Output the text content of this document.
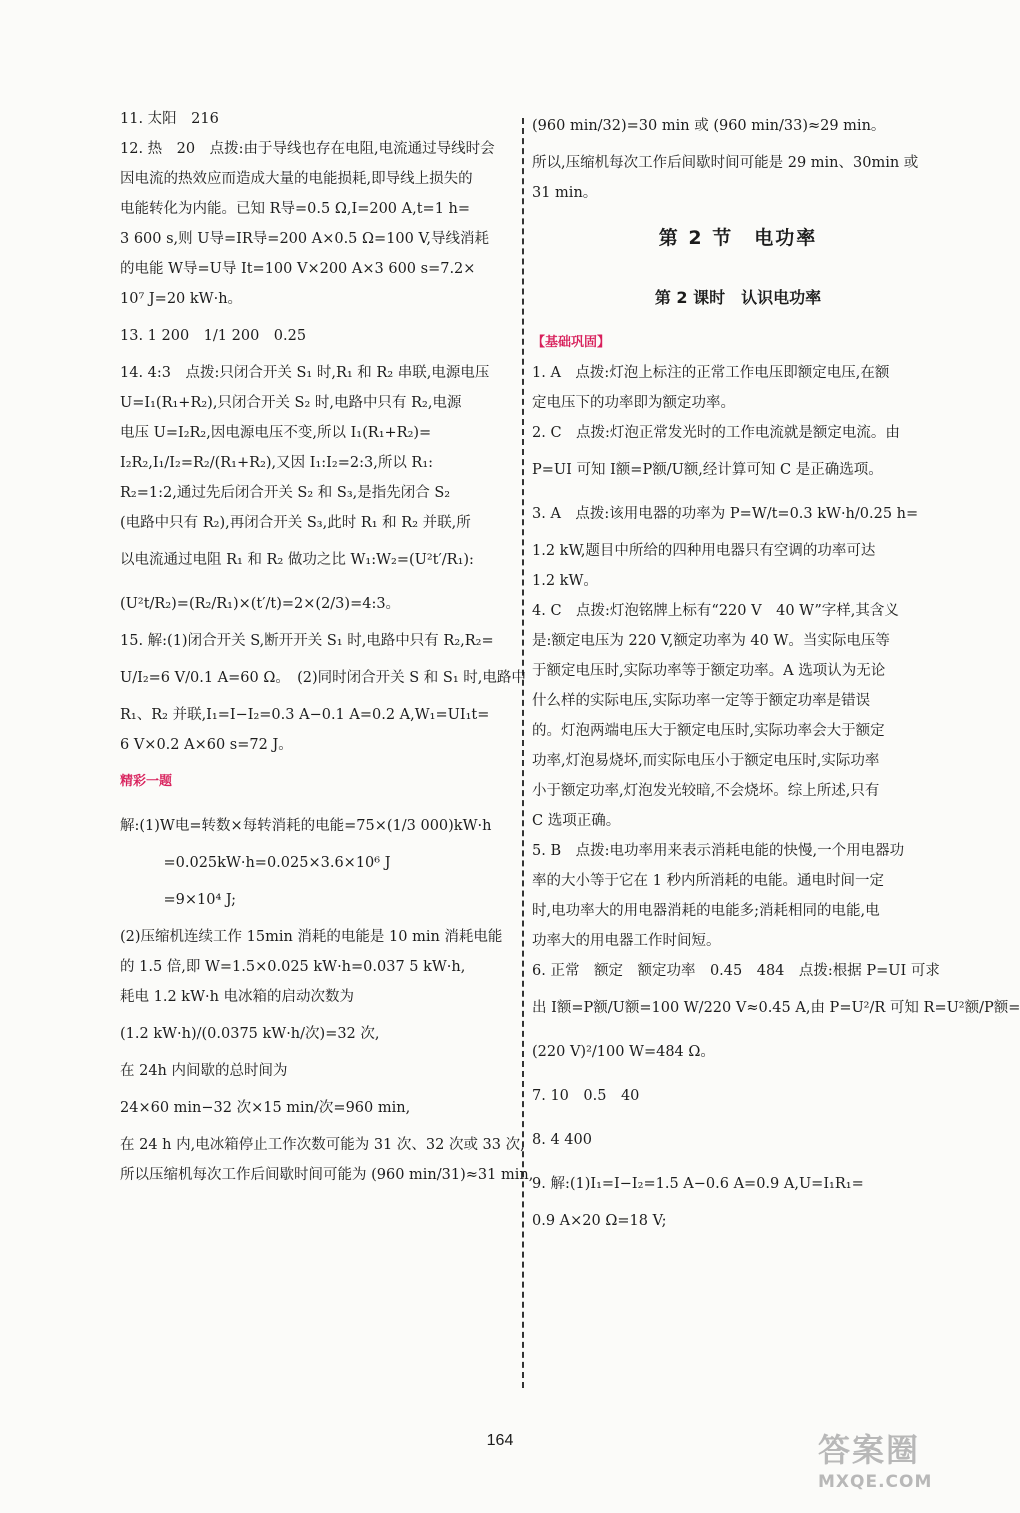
11. 太阳　216
12. 热　20　点拨:由于导线也存在电阻,电流通过导线时会
因电流的热效应而造成大量的电能损耗,即导线上损失的
电能转化为内能。已知 R导=0.5 Ω,I=200 A,t=1 h=
3 600 s,则 U导=IR导=200 A×0.5 Ω=100 V,导线消耗
的电能 W导=U导 It=100 V×200 A×3 600 s=7.2×
10⁷ J=20 kW·h。
13. 1 200　1/1 200　0.25
14. 4:3　点拨:只闭合开关 S₁ 时,R₁ 和 R₂ 串联,电源电压
U=I₁(R₁+R₂),只闭合开关 S₂ 时,电路中只有 R₂,电源
电压 U=I₂R₂,因电源电压不变,所以 I₁(R₁+R₂)=
I₂R₂,I₁/I₂=R₂/(R₁+R₂),又因 I₁:I₂=2:3,所以 R₁:
R₂=1:2,通过先后闭合开关 S₂ 和 S₃,是指先闭合 S₂
(电路中只有 R₂),再闭合开关 S₃,此时 R₁ 和 R₂ 并联,所
以电流通过电阻 R₁ 和 R₂ 做功之比 W₁:W₂=(U²t′/R₁):
(U²t/R₂)=(R₂/R₁)×(t′/t)=2×(2/3)=4:3。
15. 解:(1)闭合开关 S,断开开关 S₁ 时,电路中只有 R₂,R₂=
U/I₂=6 V/0.1 A=60 Ω。　(2)同时闭合开关 S 和 S₁ 时,电路中
R₁、R₂ 并联,I₁=I−I₂=0.3 A−0.1 A=0.2 A,W₁=UI₁t=
6 V×0.2 A×60 s=72 J。
精彩一题
解:(1)W电=转数×每转消耗的电能=75×(1/3 000)kW·h
　　　=0.025kW·h=0.025×3.6×10⁶ J
　　　=9×10⁴ J;
(2)压缩机连续工作 15min 消耗的电能是 10 min 消耗电能
的 1.5 倍,即 W=1.5×0.025 kW·h=0.037 5 kW·h,
耗电 1.2 kW·h 电冰箱的启动次数为
(1.2 kW·h)/(0.0375 kW·h/次)=32 次,
在 24h 内间歇的总时间为
24×60 min−32 次×15 min/次=960 min,
在 24 h 内,电冰箱停止工作次数可能为 31 次、32 次或 33 次,
所以压缩机每次工作后间歇时间可能为 (960 min/31)≈31 min,
(960 min/32)=30 min 或 (960 min/33)≈29 min。
所以,压缩机每次工作后间歇时间可能是 29 min、30min 或
31 min。
第 2 节　电功率
第 2 课时　认识电功率
【基础巩固】
1. A　点拨:灯泡上标注的正常工作电压即额定电压,在额
定电压下的功率即为额定功率。
2. C　点拨:灯泡正常发光时的工作电流就是额定电流。由
P=UI 可知 I额=P额/U额,经计算可知 C 是正确选项。
3. A　点拨:该用电器的功率为 P=W/t=0.3 kW·h/0.25 h=
1.2 kW,题目中所给的四种用电器只有空调的功率可达
1.2 kW。
4. C　点拨:灯泡铭牌上标有“220 V　40 W”字样,其含义
是:额定电压为 220 V,额定功率为 40 W。当实际电压等
于额定电压时,实际功率等于额定功率。A 选项认为无论
什么样的实际电压,实际功率一定等于额定功率是错误
的。灯泡两端电压大于额定电压时,实际功率会大于额定
功率,灯泡易烧坏,而实际电压小于额定电压时,实际功率
小于额定功率,灯泡发光较暗,不会烧坏。综上所述,只有
C 选项正确。
5. B　点拨:电功率用来表示消耗电能的快慢,一个用电器功
率的大小等于它在 1 秒内所消耗的电能。通电时间一定
时,电功率大的用电器消耗的电能多;消耗相同的电能,电
功率大的用电器工作时间短。
6. 正常　额定　额定功率　0.45　484　点拨:根据 P=UI 可求
出 I额=P额/U额=100 W/220 V≈0.45 A,由 P=U²/R 可知 R=U²额/P额=
(220 V)²/100 W=484 Ω。
7. 10　0.5　40
8. 4 400
9. 解:(1)I₁=I−I₂=1.5 A−0.6 A=0.9 A,U=I₁R₁=
0.9 A×20 Ω=18 V;
164	答案圈
MXQE.COM
